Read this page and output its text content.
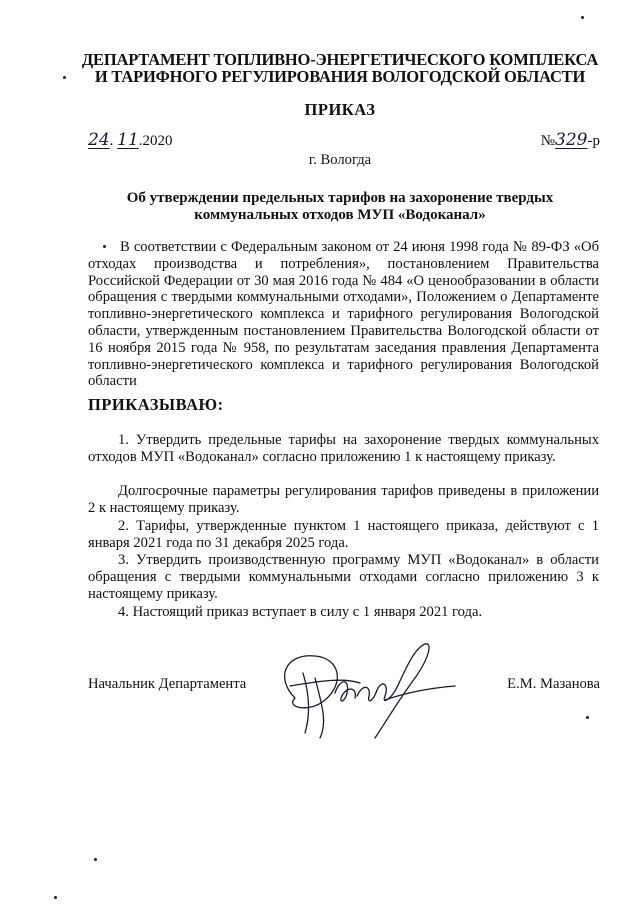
ДЕПАРТАМЕНТ ТОПЛИВНО-ЭНЕРГЕТИЧЕСКОГО КОМПЛЕКСА
И ТАРИФНОГО РЕГУЛИРОВАНИЯ ВОЛОГОДСКОЙ ОБЛАСТИ
ПРИКАЗ
24. 11.2020	№329-р
г. Вологда
Об утверждении предельных тарифов на захоронение твердых
коммунальных отходов МУП «Водоканал»
В соответствии с Федеральным законом от 24 июня 1998 года № 89-ФЗ «Об отходах производства и потребления», постановлением Правительства Российской Федерации от 30 мая 2016 года № 484 «О ценообразовании в области обращения с твердыми коммунальными отходами», Положением о Департаменте топливно-энергетического комплекса и тарифного регулирования Вологодской области, утвержденным постановлением Правительства Вологодской области от 16 ноября 2015 года № 958, по результатам заседания правления Департамента топливно-энергетического комплекса и тарифного регулирования Вологодской области
ПРИКАЗЫВАЮ:
1. Утвердить предельные тарифы на захоронение твердых коммунальных отходов МУП «Водоканал» согласно приложению 1 к настоящему приказу.
Долгосрочные параметры регулирования тарифов приведены в приложении 2 к настоящему приказу.
2. Тарифы, утвержденные пунктом 1 настоящего приказа, действуют с 1 января 2021 года по 31 декабря 2025 года.
3. Утвердить производственную программу МУП «Водоканал» в области обращения с твердыми коммунальными отходами согласно приложению 3 к настоящему приказу.
4. Настоящий приказ вступает в силу с 1 января 2021 года.
Начальник Департамента	Е.М. Мазанова
